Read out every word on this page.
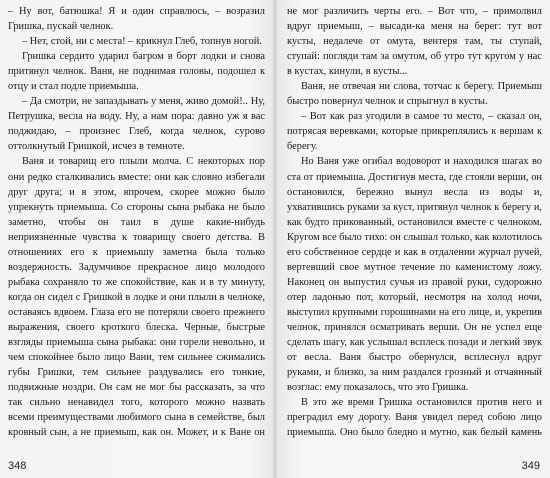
– Ну вот, батюшка! Я и один справлюсь, – возразил Гришка, пускай челнок.

– Нет, стой, ни с места! – крикнул Глеб, топнув ногой.

Гришка сердито ударил багром в борт лодки и снова притянул челнок. Ваня, не поднимая головы, подошел к отцу и стал подле приемыша.

– Да смотри, не запаздывать у меня, живо домой!.. Ну, Петрушка, весла на воду. Ну, а нам пора: давно уж я вас поджидаю, – произнес Глеб, когда челнок, сурово оттолкнутый Гришкой, исчез в темноте.

Ваня и товарищ его плыли молча. С некоторых пор они редко сталкивались вместе: они как словно избегали друг друга; и в этом, впрочем, скорее можно было упрекнуть приемыша. Со стороны сына рыбака не было заметно, чтобы он таил в душе какие-нибудь неприязненные чувства к товарищу своего детства. В отношениях его к приемышу заметна была только воздержность. Задумчивое прекрасное лицо молодого рыбака сохраняло то же спокойствие, как и в ту минуту, когда он сидел с Гришкой в лодке и они плыли в челноке, оставаясь вдвоем. Глаза его не потеряли своего прежнего выражения, своего кроткого блеска. Черные, быстрые взгляды приемыша сына рыбака: они горели невольно, и чем спокойнее было лицо Вани, тем сильнее сжимались губы Гришки, тем сильнее раздувались его тонкие, подвижные ноздри. Он сам не мог бы рассказать, за что так сильно ненавидел того, которого можно назвать всеми преимуществами любимого сына в семействе, был кровный сын, а не приемыш, как он. Может, и к Ване он

348

не мог различить черты его. – Вот что, – примолвил вдруг приемыш, – высади-ка меня на берег: тут вот кусты, недалече от омута, вентеря там, ты ступай, ступай: погляди там за омутом, об утро тут кругом у нас в кустах, кинули, в кусты...

Ваня, не отвечая ни слова, тотчас к берегу. Приемыш быстро повернул челнок и спрыгнул в кусты.

– Вот как раз угодили в самое то место, – сказал он, потрясая веревками, которые прикреплялись к вершам к берегу.

Но Ваня уже огибал водоворот и находился шагах во ста от приемыша. Достигнув места, где стояли верши, он остановился, бережно вынул весла из воды и, ухватившись руками за куст, притянул челнок к берегу и, как будто прикованный, остановился вместе с челноком. Кругом все было тихо: он слышал только, как колотилось его собственное сердце и как в отдалении журчал ручей, вертевший свое мутное течение по каменистому ложу. Наконец он выпустил сучья из правой руки, судорожно отер ладонью пот, который, несмотря на холод ночи, выступил крупными горошинами на его лице, и, укрепив челнок, принялся осматривать верши. Он не успел еще сделать шагу, как услышал всплеск позади и легкий звук от весла. Ваня быстро обернулся, всплеснул вдруг руками, и близко, за ним раздался грозный и отчаянный возглас: ему показалось, что это Гришка.

В это же время Гришка остановился против него и преградил ему дорогу. Ваня увидел перед собою лицо приемыша. Оно было бледно и мутно, как белый камень

349
